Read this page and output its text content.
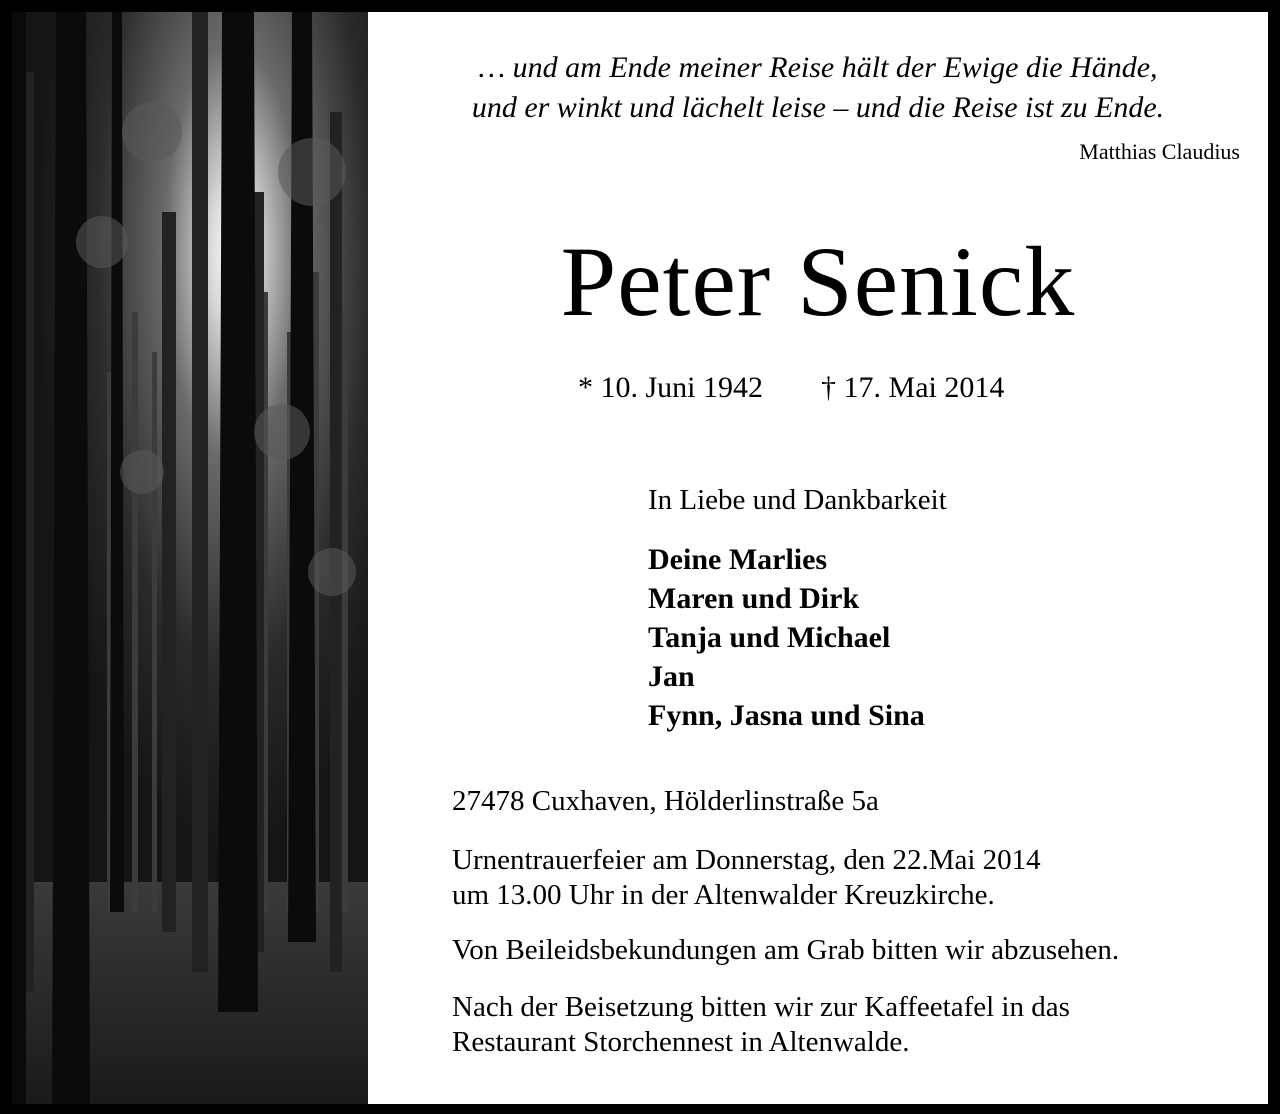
… und am Ende meiner Reise hält der Ewige die Hände,
und er winkt und lächelt leise – und die Reise ist zu Ende.
Matthias Claudius
Peter Senick
* 10. Juni 1942 † 17. Mai 2014
In Liebe und Dankbarkeit
Deine Marlies
Maren und Dirk
Tanja und Michael
Jan
Fynn, Jasna und Sina

27478 Cuxhaven, Hölderlinstraße 5a

Urnentrauerfeier am Donnerstag, den 22.Mai 2014

um 13.00 Uhr in der Altenwalder Kreuzkirche.

Von Beileidsbekundungen am Grab bitten wir abzusehen.

Nach der Beisetzung bitten wir zur Kaffeetafel in das

Restaurant Storchennest in Altenwalde.
